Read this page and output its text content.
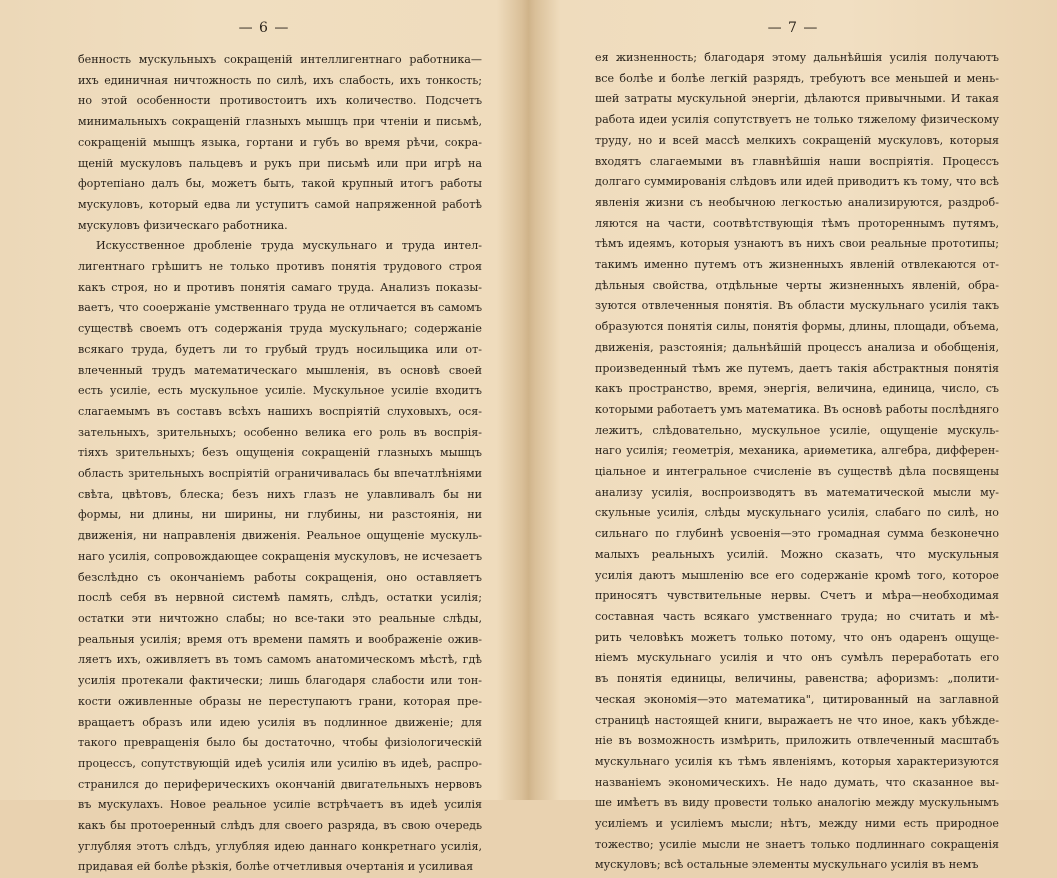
— 6 —
бенность мускульныхъ сокращеній интеллигентнаго работника—
ихъ единичная ничтожность по силѣ, ихъ слабость, ихъ тонкость;
но этой особенности противостоитъ ихъ количество. Подсчетъ
минимальныхъ сокращеній глазныхъ мышцъ при чтеніи и письмѣ,
сокращеній мышцъ языка, гортани и губъ во время рѣчи, сокра-
щеній мускуловъ пальцевъ и рукъ при письмѣ или при игрѣ на
фортепіано далъ бы, можетъ быть, такой крупный итогъ работы
мускуловъ, который едва ли уступитъ самой напряженной работѣ
мускуловъ физическаго работника.
Искусственное дробленіе труда мускульнаго и труда интел-
лигентнаго грѣшитъ не только противъ понятія трудового строя
какъ строя, но и противъ понятія самаго труда. Анализъ показы-
ваетъ, что сооержаніе умственнаго труда не отличается въ самомъ
существѣ своемъ отъ содержанія труда мускульнаго; содержаніе
всякаго труда, будетъ ли то грубый трудъ носильщика или от-
влеченный трудъ математическаго мышленія, въ основѣ своей
есть усиліе, есть мускульное усиліе. Мускульное усиліе входитъ
слагаемымъ въ составъ всѣхъ нашихъ воспріятій слуховыхъ, ося-
зательныхъ, зрительныхъ; особенно велика его роль въ воспрія-
тіяхъ зрительныхъ; безъ ощущенія сокращеній глазныхъ мышцъ
область зрительныхъ воспріятій ограничивалась бы впечатлѣніями
свѣта, цвѣтовъ, блеска; безъ нихъ глазъ не улавливалъ бы ни
формы, ни длины, ни ширины, ни глубины, ни разстоянія, ни
движенія, ни направленія движенія. Реальное ощущеніе мускуль-
наго усилія, сопровождающее сокращенія мускуловъ, не исчезаетъ
безслѣдно съ окончаніемъ работы сокращенія, оно оставляетъ
послѣ себя въ нервной системѣ память, слѣдъ, остатки усилія;
остатки эти ничтожно слабы; но все-таки это реальные слѣды,
реальныя усилія; время отъ времени память и воображеніе ожив-
ляетъ ихъ, оживляетъ въ томъ самомъ анатомическомъ мѣстѣ, гдѣ
усилія протекали фактически; лишь благодаря слабости или тон-
кости оживленные образы не переступаютъ грани, которая пре-
вращаетъ образъ или идею усилія въ подлинное движеніе; для
такого превращенія было бы достаточно, чтобы физіологическій
процессъ, сопутствующій идеѣ усилія или усилію въ идеѣ, распро-
странился до периферическихъ окончаній двигательныхъ нервовъ
въ мускулахъ. Новое реальное усиліе встрѣчаетъ въ идеѣ усилія
какъ бы протоеренный слѣдъ для своего разряда, въ свою очередь
углубляя этотъ слѣдъ, углубляя идею даннаго конкретнаго усилія,
придавая ей болѣе рѣзкія, болѣе отчетливыя очертанія и усиливая
— 7 —
ея жизненность; благодаря этому дальнѣйшія усилія получаютъ
все болѣе и болѣе легкій разрядъ, требуютъ все меньшей и мень-
шей затраты мускульной энергіи, дѣлаются привычными. И такая
работа идеи усилія сопутствуетъ не только тяжелому физическому
труду, но и всей массѣ мелкихъ сокращеній мускуловъ, которыя
входятъ слагаемыми въ главнѣйшія наши воспріятія. Процессъ
долгаго суммированія слѣдовъ или идей приводитъ къ тому, что всѣ
явленія жизни съ необычною легкостью анализируются, раздроб-
ляются на части, соотвѣтствующія тѣмъ протореннымъ путямъ,
тѣмъ идеямъ, которыя узнаютъ въ нихъ свои реальные прототипы;
такимъ именно путемъ отъ жизненныхъ явленій отвлекаются от-
дѣльныя свойства, отдѣльные черты жизненныхъ явленій, обра-
зуются отвлеченныя понятія. Въ области мускульнаго усилія такъ
образуются понятія силы, понятія формы, длины, площади, объема,
движенія, разстоянія; дальнѣйшій процессъ анализа и обобщенія,
произведенный тѣмъ же путемъ, даетъ такія абстрактныя понятія
какъ пространство, время, энергія, величина, единица, число, съ
которыми работаетъ умъ математика. Въ основѣ работы послѣдняго
лежитъ, слѣдовательно, мускульное усиліе, ощущеніе мускуль-
наго усилія; геометрія, механика, ариѳметика, алгебра, дифферен-
ціальное и интегральное счисленіе въ существѣ дѣла посвящены
анализу усилія, воспроизводятъ въ математической мысли му-
скульные усилія, слѣды мускульнаго усилія, слабаго по силѣ, но
сильнаго по глубинѣ усвоенія—это громадная сумма безконечно
малыхъ реальныхъ усилій. Можно сказать, что мускульныя
усилія даютъ мышленію все его содержаніе кромѣ того, которое
приносятъ чувствительные нервы. Счетъ и мѣра—необходимая
составная часть всякаго умственнаго труда; но считать и мѣ-
рить человѣкъ можетъ только потому, что онъ одаренъ ощуще-
ніемъ мускульнаго усилія и что онъ сумѣлъ переработать его
въ понятія единицы, величины, равенства; афоризмъ: „полити-
ческая экономія—это математика", цитированный на заглавной
страницѣ настоящей книги, выражаетъ не что иное, какъ убѣжде-
ніе въ возможность измѣрить, приложить отвлеченный масштабъ
мускульнаго усилія къ тѣмъ явленіямъ, которыя характеризуются
названіемъ экономическихъ. Не надо думать, что сказанное вы-
ше имѣетъ въ виду провести только аналогію между мускульнымъ
усиліемъ и усиліемъ мысли; нѣтъ, между ними есть природное
тожество; усиліе мысли не знаетъ только подлиннаго сокращенія
мускуловъ; всѣ остальные элементы мускульнаго усилія въ немъ
